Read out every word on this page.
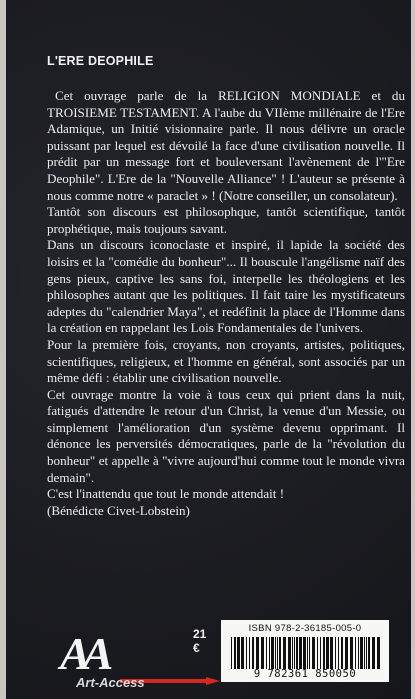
L'ERE DEOPHILE

Cet ouvrage parle de la RELIGION MONDIALE et du TROISIEME TESTAMENT. A l'aube du VIIème millénaire de l'Ere Adamique, un Initié visionnaire parle. Il nous délivre un oracle puissant par lequel est dévoilé la face d'une civilisation nouvelle. Il prédit par un message fort et bouleversant l'avènement de l'"Ere Deophile". L'Ere de la "Nouvelle Alliance" ! L'auteur se présente à nous comme notre « paraclet » ! (Notre conseiller, un consolateur).

Tantôt son discours est philosophque, tantôt scientifique, tantôt prophétique, mais toujours savant.

Dans un discours iconoclaste et inspiré, il lapide la société des loisirs et la "comédie du bonheur"... Il bouscule l'angélisme naïf des gens pieux, captive les sans foi, interpelle les théologiens et les philosophes autant que les politiques. Il fait taire les mystificateurs adeptes du "calendrier Maya", et redéfinit la place de l'Homme dans la création en rappelant les Lois Fondamentales de l'univers.

Pour la première fois, croyants, non croyants, artistes, politiques, scientifiques, religieux, et l'homme en général, sont associés par un même défi : établir une civilisation nouvelle.

Cet ouvrage montre la voie à tous ceux qui prient dans la nuit, fatigués d'attendre le retour d'un Christ, la venue d'un Messie, ou simplement l'amélioration d'un système devenu opprimant. Il dénonce les perversités démocratiques, parle de la "révolution du bonheur" et appelle à "vivre aujourd'hui comme tout le monde vivra demain".

C'est l'inattendu que tout le monde attendait !

(Bénédicte Civet-Lobstein)

AA
Art-Access
21 €
ISBN 978-2-36185-005-0
9 782361 850050
